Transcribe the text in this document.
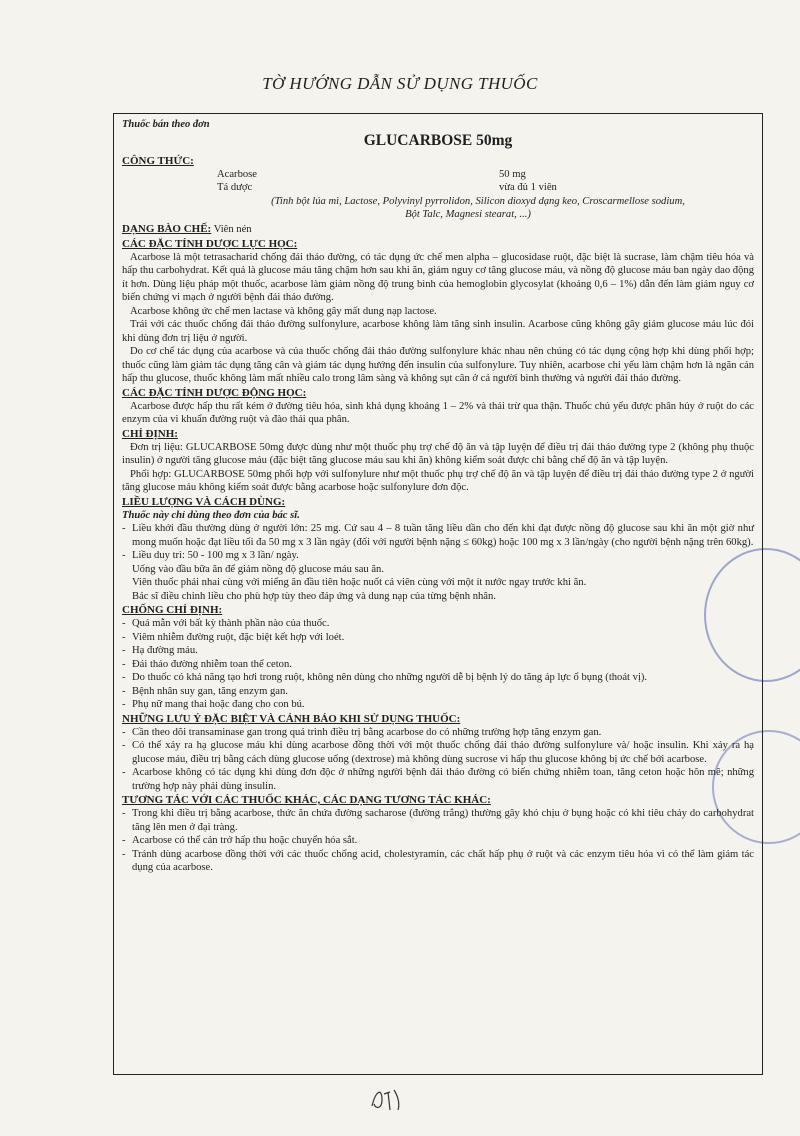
TỜ HƯỚNG DẪN SỬ DỤNG THUỐC
Thuốc bán theo đơn
GLUCARBOSE 50mg
CÔNG THỨC:
Acarbose	50 mg
Tá dược	vừa đủ 1 viên
(Tinh bột lúa mì, Lactose, Polyvinyl pyrrolidon, Silicon dioxyd dạng keo, Croscarmellose sodium,
Bột Talc, Magnesi stearat, ...)
DẠNG BÀO CHẾ: Viên nén
CÁC ĐẶC TÍNH DƯỢC LỰC HỌC:

Acarbose là một tetrasacharid chống đái tháo đường, có tác dụng ức chế men alpha – glucosidase ruột, đặc biệt là sucrase, làm chậm tiêu hóa và hấp thu carbohydrat. Kết quả là glucose máu tăng chậm hơn sau khi ăn, giảm nguy cơ tăng glucose máu, và nồng độ glucose máu ban ngày dao động ít hơn. Dùng liệu pháp một thuốc, acarbose làm giảm nồng độ trung bình của hemoglobin glycosylat (khoảng 0,6 – 1%) dẫn đến làm giảm nguy cơ biến chứng vi mạch ở người bệnh đái tháo đường.

Acarbose không ức chế men lactase và không gây mất dung nạp lactose.

Trái với các thuốc chống đái tháo đường sulfonylure, acarbose không làm tăng sinh insulin. Acarbose cũng không gây giảm glucose máu lúc đói khi dùng đơn trị liệu ở người.

Do cơ chế tác dụng của acarbose và của thuốc chống đái tháo đường sulfonylure khác nhau nên chúng có tác dụng cộng hợp khi dùng phối hợp; thuốc cũng làm giảm tác dụng tăng cân và giảm tác dụng hướng đến insulin của sulfonylure. Tuy nhiên, acarbose chỉ yếu làm chậm hơn là ngăn cản hấp thu glucose, thuốc không làm mất nhiều calo trong lâm sàng và không sụt cân ở cả người bình thường và người đái tháo đường.

CÁC ĐẶC TÍNH DƯỢC ĐỘNG HỌC:

Acarbose được hấp thu rất kém ở đường tiêu hóa, sinh khả dụng khoảng 1 – 2% và thải trừ qua thận. Thuốc chủ yếu được phân hủy ở ruột do các enzym của vi khuẩn đường ruột và đào thải qua phân.

CHỈ ĐỊNH:

Đơn trị liệu: GLUCARBOSE 50mg được dùng như một thuốc phụ trợ chế độ ăn và tập luyện để điều trị đái tháo đường type 2 (không phụ thuộc insulin) ở người tăng glucose máu (đặc biệt tăng glucose máu sau khi ăn) không kiểm soát được chỉ bằng chế độ ăn và tập luyện.

Phối hợp: GLUCARBOSE 50mg phối hợp với sulfonylure như một thuốc phụ trợ chế độ ăn và tập luyện để điều trị đái tháo đường type 2 ở người tăng glucose máu không kiểm soát được bằng acarbose hoặc sulfonylure đơn độc.

LIỀU LƯỢNG VÀ CÁCH DÙNG:
Thuốc này chỉ dùng theo đơn của bác sĩ.
- Liều khởi đầu thường dùng ở người lớn: 25 mg. Cứ sau 4 – 8 tuần tăng liều dần cho đến khi đạt được nồng độ glucose sau khi ăn một giờ như mong muốn hoặc đạt liều tối đa 50 mg x 3 lần ngày (đối với người bệnh nặng ≤ 60kg) hoặc 100 mg x 3 lần/ngày (cho người bệnh nặng trên 60kg).
- Liều duy trì: 50 - 100 mg x 3 lần/ ngày.
Uống vào đầu bữa ăn để giảm nồng độ glucose máu sau ăn.
Viên thuốc phải nhai cùng với miếng ăn đầu tiên hoặc nuốt cả viên cùng với một ít nước ngay trước khi ăn.
Bác sĩ điều chỉnh liều cho phù hợp tùy theo đáp ứng và dung nạp của từng bệnh nhân.
CHỐNG CHỈ ĐỊNH:
- Quá mẫn với bất kỳ thành phần nào của thuốc.
- Viêm nhiễm đường ruột, đặc biệt kết hợp với loét.
- Hạ đường máu.
- Đái tháo đường nhiễm toan thể ceton.
- Do thuốc có khả năng tạo hơi trong ruột, không nên dùng cho những người dễ bị bệnh lý do tăng áp lực ổ bụng (thoát vị).
- Bệnh nhân suy gan, tăng enzym gan.
- Phụ nữ mang thai hoặc đang cho con bú.
NHỮNG LƯU Ý ĐẶC BIỆT VÀ CẢNH BÁO KHI SỬ DỤNG THUỐC:
- Cần theo dõi transaminase gan trong quá trình điều trị bằng acarbose do có những trường hợp tăng enzym gan.
- Có thể xảy ra hạ glucose máu khi dùng acarbose đồng thời với một thuốc chống đái tháo đường sulfonylure và/ hoặc insulin. Khi xảy ra hạ glucose máu, điều trị bằng cách dùng glucose uống (dextrose) mà không dùng sucrose vì hấp thu glucose không bị ức chế bởi acarbose.
- Acarbose không có tác dụng khi dùng đơn độc ở những người bệnh đái tháo đường có biến chứng nhiễm toan, tăng ceton hoặc hôn mê; những trường hợp này phải dùng insulin.
TƯƠNG TÁC VỚI CÁC THUỐC KHÁC, CÁC DẠNG TƯƠNG TÁC KHÁC:
- Trong khi điều trị bằng acarbose, thức ăn chứa đường sacharose (đường trắng) thường gây khó chịu ở bụng hoặc có khi tiêu chảy do carbohydrat tăng lên men ở đại tràng.
- Acarbose có thể cản trở hấp thu hoặc chuyển hóa sắt.
- Tránh dùng acarbose đồng thời với các thuốc chống acid, cholestyramin, các chất hấp phụ ở ruột và các enzym tiêu hóa vì có thể làm giảm tác dụng của acarbose.
